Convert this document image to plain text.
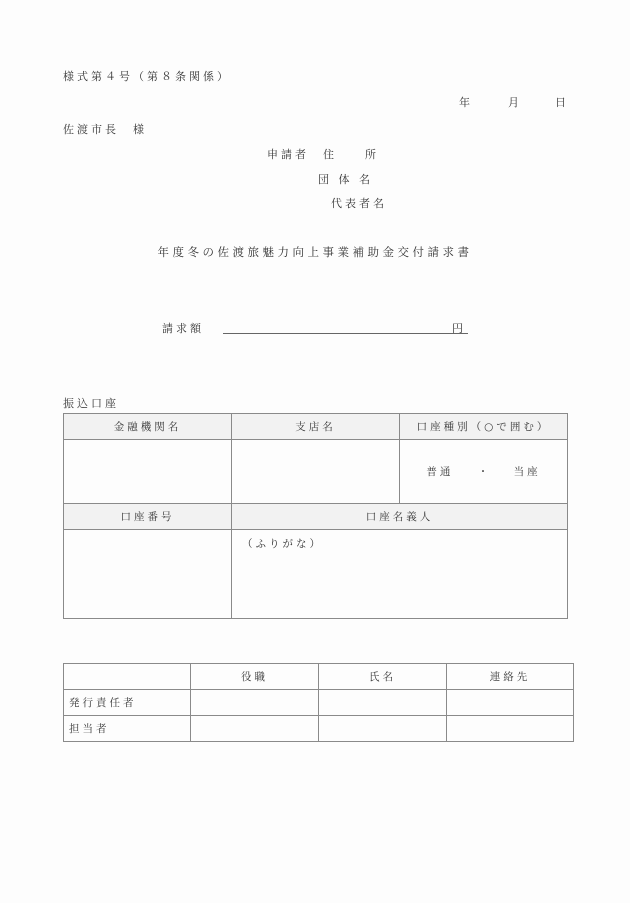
様式第４号（第８条関係）
年	月	日
佐渡市長　様
申請者　住　　所
団 体 名
代表者名
年度冬の佐渡旅魅力向上事業補助金交付請求書
請求額	円
振込口座
金融機関名	支店名	口座種別（○で囲む）
		普通 ・ 当座
口座番号	口座名義人	
	（ふりがな）	
	役職	氏名	連絡先
発行責任者			
担当者			
